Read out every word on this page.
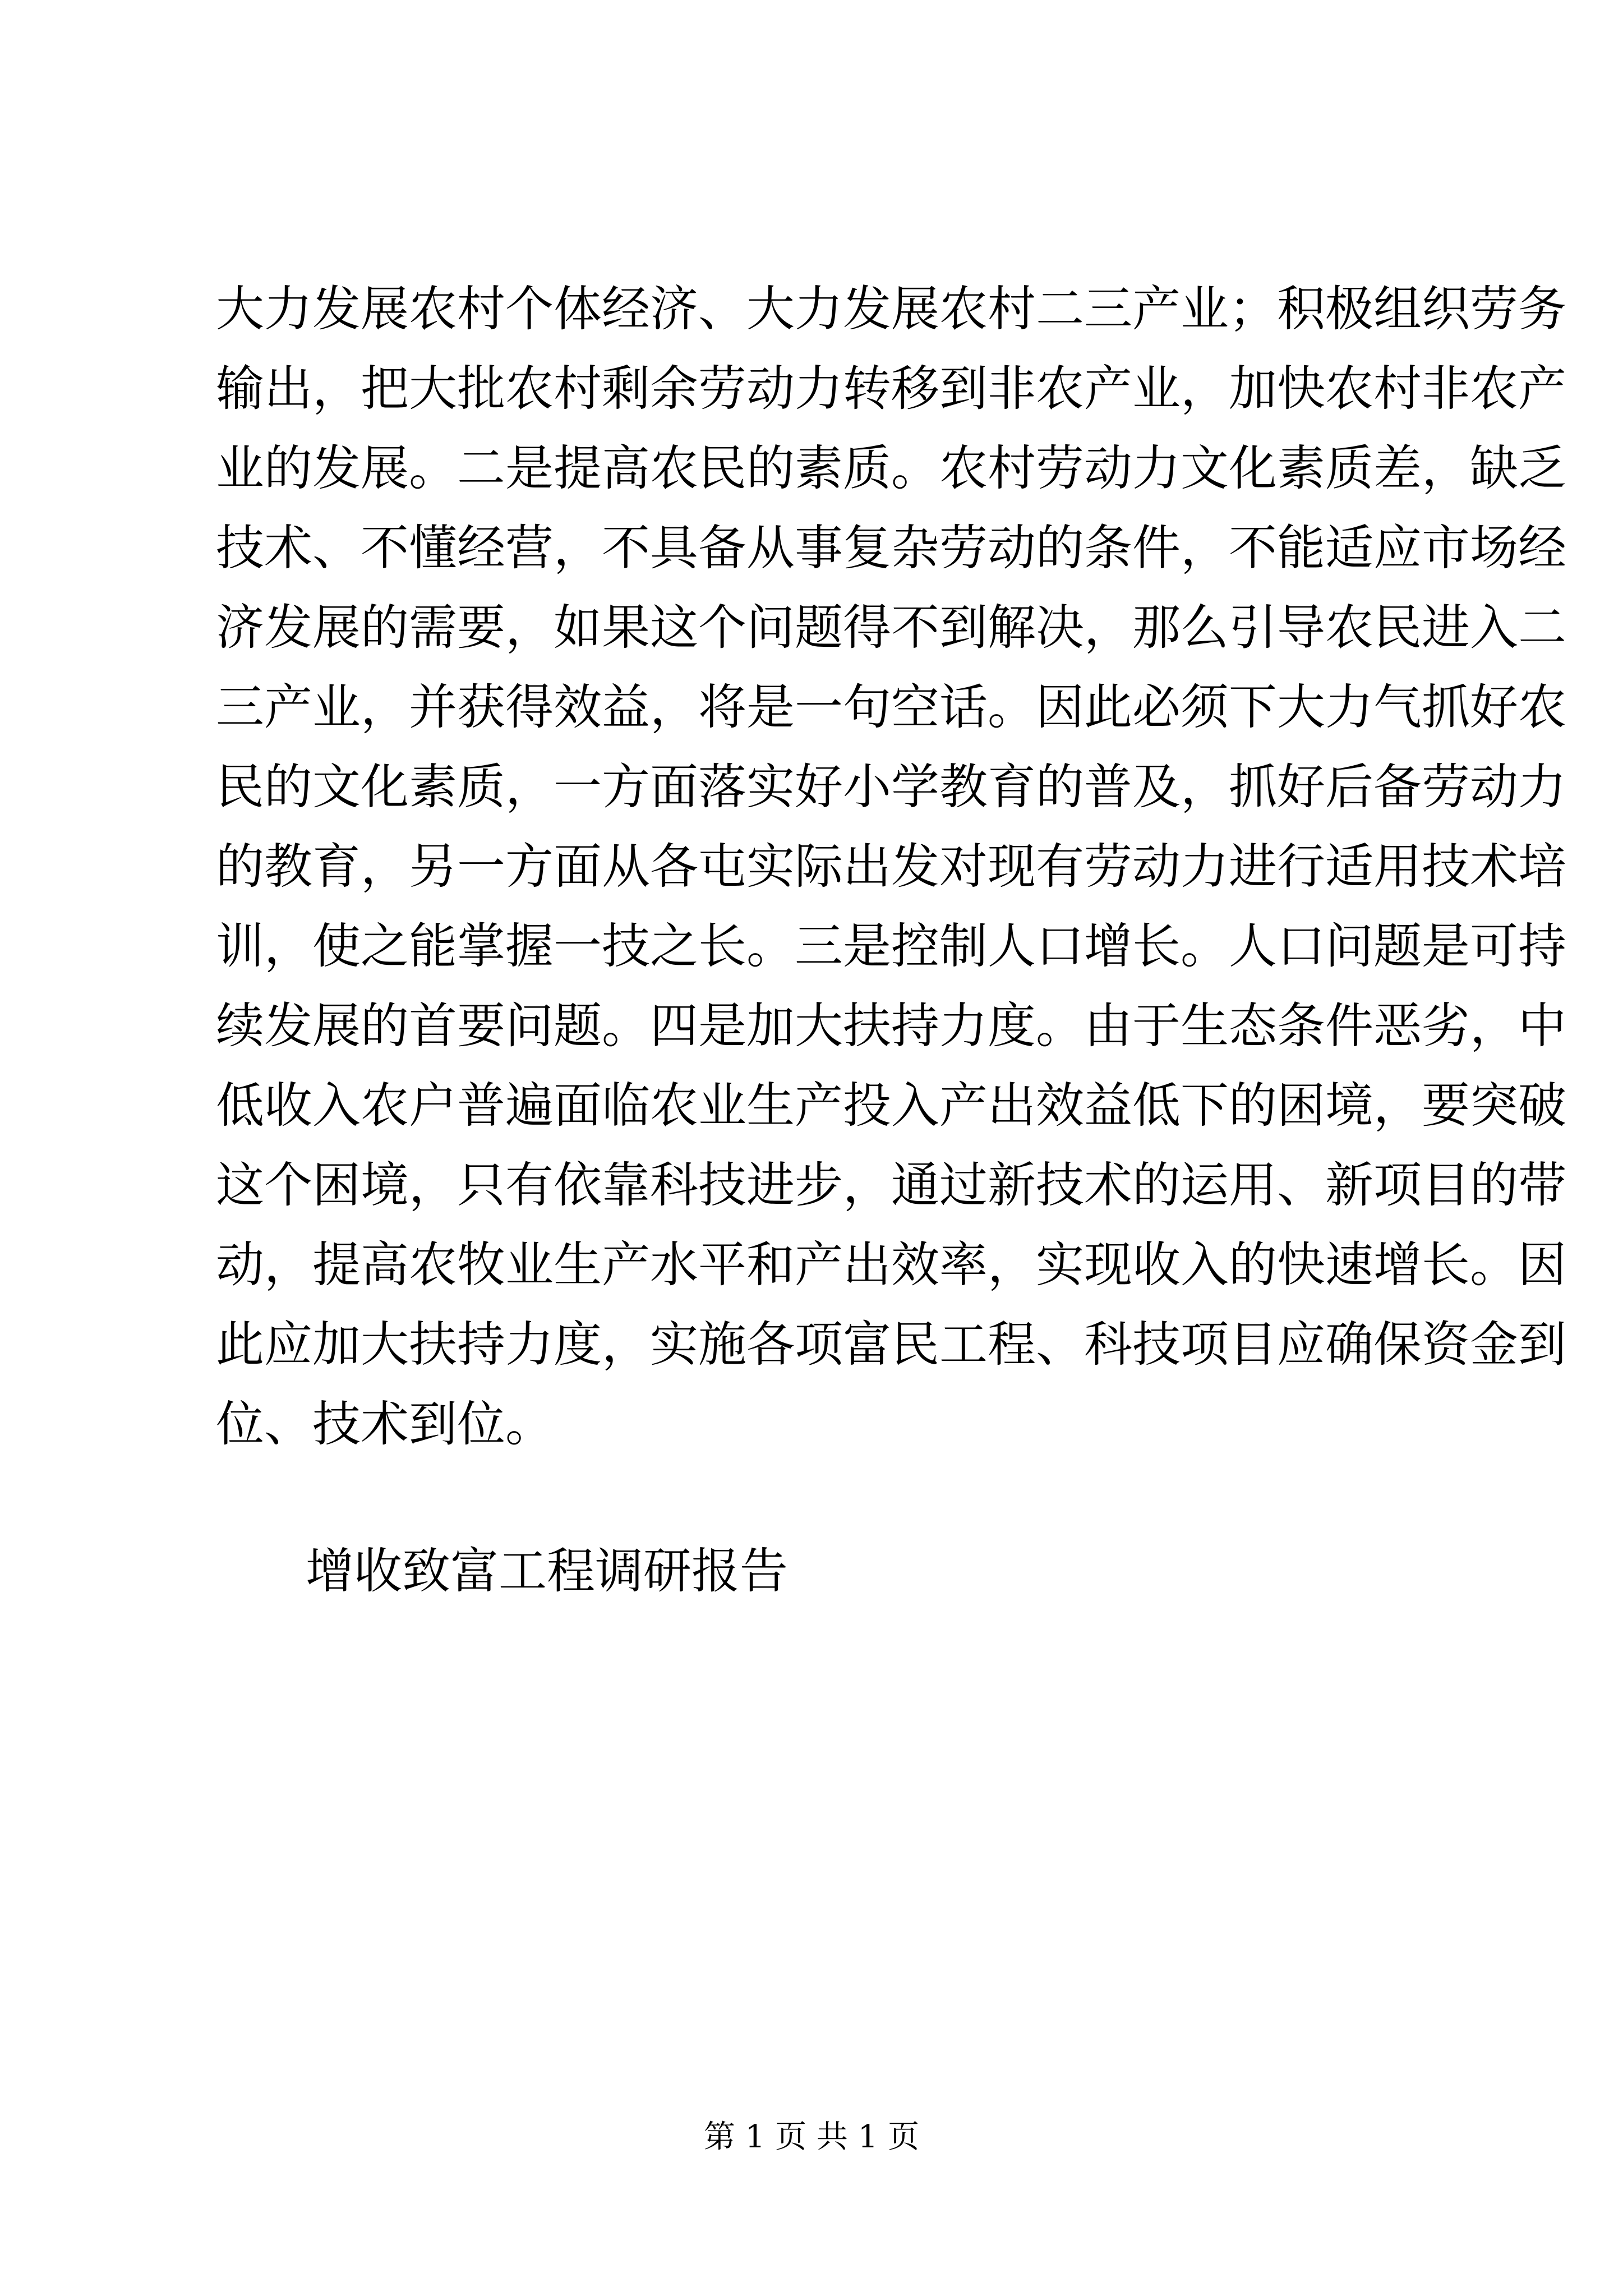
大力发展农村个体经济、大力发展农村二三产业；积极组织劳务
输出，把大批农村剩余劳动力转移到非农产业，加快农村非农产
业的发展。二是提高农民的素质。农村劳动力文化素质差，缺乏
技术、不懂经营，不具备从事复杂劳动的条件，不能适应市场经
济发展的需要，如果这个问题得不到解决，那么引导农民进入二
三产业，并获得效益，将是一句空话。因此必须下大力气抓好农
民的文化素质，一方面落实好小学教育的普及，抓好后备劳动力
的教育，另一方面从各屯实际出发对现有劳动力进行适用技术培
训，使之能掌握一技之长。三是控制人口增长。人口问题是可持
续发展的首要问题。四是加大扶持力度。由于生态条件恶劣，中
低收入农户普遍面临农业生产投入产出效益低下的困境，要突破
这个困境，只有依靠科技进步，通过新技术的运用、新项目的带
动，提高农牧业生产水平和产出效率，实现收入的快速增长。因
此应加大扶持力度，实施各项富民工程、科技项目应确保资金到
位、技术到位。
增收致富工程调研报告
第 1 页 共 1 页
